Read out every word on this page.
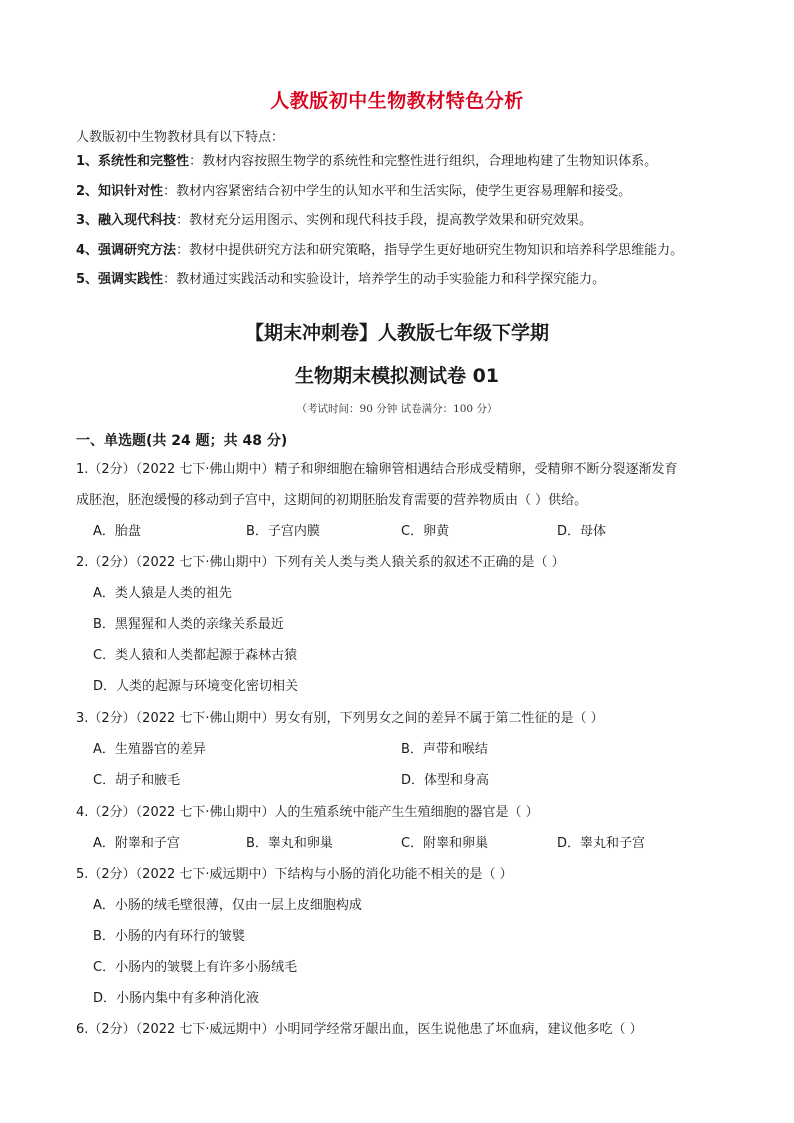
人教版初中生物教材特色分析
人教版初中生物教材具有以下特点：
1、系统性和完整性：教材内容按照生物学的系统性和完整性进行组织，合理地构建了生物知识体系。
2、知识针对性：教材内容紧密结合初中学生的认知水平和生活实际，使学生更容易理解和接受。
3、融入现代科技：教材充分运用图示、实例和现代科技手段，提高教学效果和研究效果。
4、强调研究方法：教材中提供研究方法和研究策略，指导学生更好地研究生物知识和培养科学思维能力。
5、强调实践性：教材通过实践活动和实验设计，培养学生的动手实验能力和科学探究能力。
【期末冲刺卷】人教版七年级下学期
生物期末模拟测试卷 01
（考试时间：90 分钟 试卷满分：100 分）
一、单选题(共 24 题；共 48 分)
1.（2分）（2022 七下·佛山期中）精子和卵细胞在输卵管相遇结合形成受精卵，受精卵不断分裂逐渐发育
成胚泡，胚泡缓慢的移动到子宫中，这期间的初期胚胎发育需要的营养物质由（ ）供给。
A．胎盘	B．子宫内膜	C．卵黄	D．母体
2.（2分）（2022 七下·佛山期中）下列有关人类与类人猿关系的叙述不正确的是（ ）
A．类人猿是人类的祖先
B．黑猩猩和人类的亲缘关系最近
C．类人猿和人类都起源于森林古猿
D．人类的起源与环境变化密切相关
3.（2分）（2022 七下·佛山期中）男女有别，下列男女之间的差异不属于第二性征的是（ ）
A．生殖器官的差异	B．声带和喉结
C．胡子和腋毛	D．体型和身高
4.（2分）（2022 七下·佛山期中）人的生殖系统中能产生生殖细胞的器官是（ ）
A．附睾和子宫	B．睾丸和卵巢	C．附睾和卵巢	D．睾丸和子宫
5.（2分）（2022 七下·威远期中）下结构与小肠的消化功能不相关的是（ ）
A．小肠的绒毛壁很薄，仅由一层上皮细胞构成
B．小肠的内有环行的皱襞
C．小肠内的皱襞上有许多小肠绒毛
D．小肠内集中有多种消化液
6.（2分）（2022 七下·威远期中）小明同学经常牙龈出血，医生说他患了坏血病，建议他多吃（ ）
